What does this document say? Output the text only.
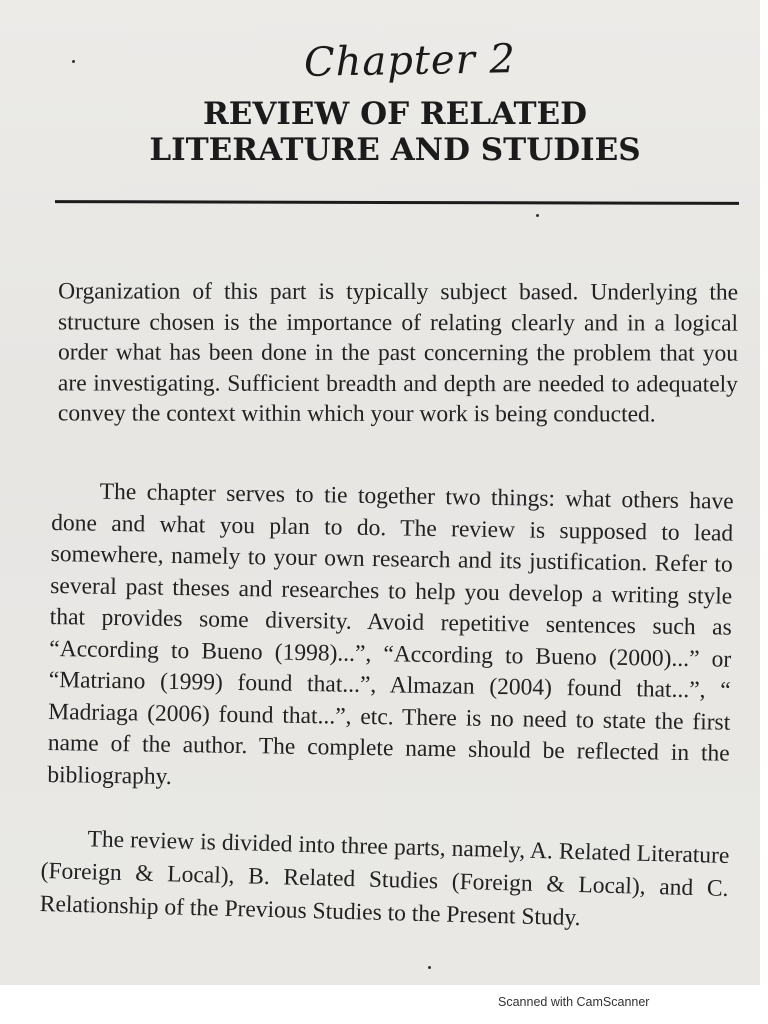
Chapter 2
REVIEW OF RELATED
LITERATURE AND STUDIES

Organization of this part is typically subject based. Underlying the structure chosen is the importance of relating clearly and in a logical order what has been done in the past concerning the problem that you are investigating. Sufficient breadth and depth are needed to adequately convey the context within which your work is being conducted.

The chapter serves to tie together two things: what others have done and what you plan to do. The review is supposed to lead somewhere, namely to your own research and its justification. Refer to several past theses and researches to help you develop a writing style that provides some diversity. Avoid repetitive sentences such as “According to Bueno (1998)...”, “According to Bueno (2000)...” or “Matriano (1999) found that...”, Almazan (2004) found that...”, “ Madriaga (2006) found that...”, etc. There is no need to state the first name of the author. The complete name should be reflected in the bibliography.

The review is divided into three parts, namely, A. Related Literature (Foreign & Local), B. Related Studies (Foreign & Local), and C. Relationship of the Previous Studies to the Present Study.

Scanned with CamScanner
